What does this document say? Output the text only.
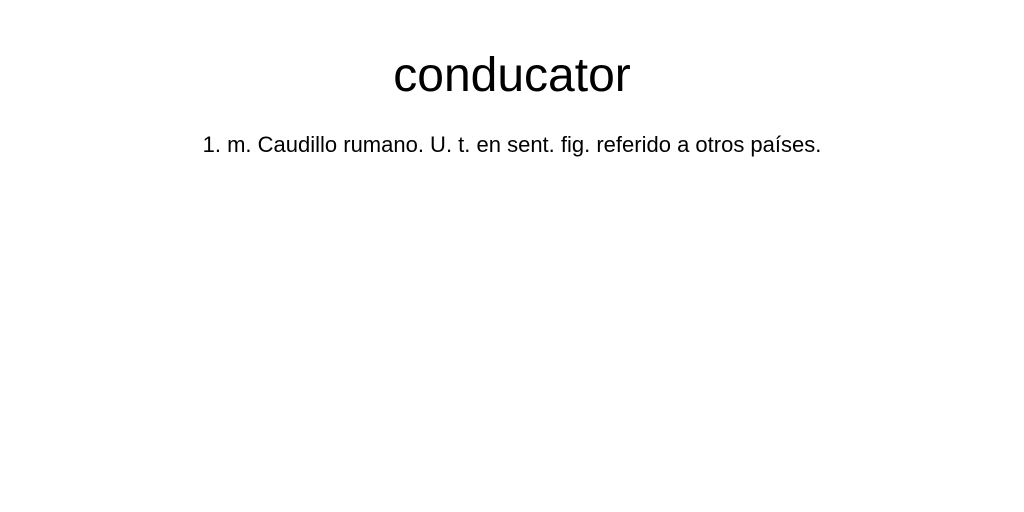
conducator

1. m. Caudillo rumano. U. t. en sent. fig. referido a otros países.
